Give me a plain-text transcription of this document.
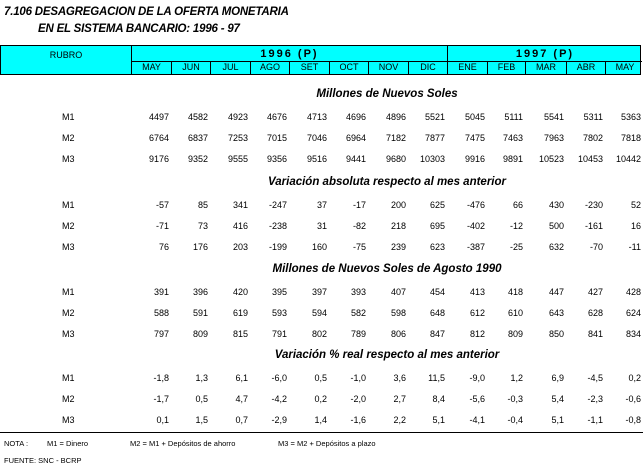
7.106 DESAGREGACION DE LA OFERTA MONETARIA
EN EL SISTEMA BANCARIO: 1996 - 97
RUBRO	1996 (P)	1997 (P)
MAY	JUN	JUL	AGO	SET	OCT	NOV	DIC	ENE	FEB	MAR	ABR	MAY
Millones de Nuevos Soles
M1	4497	4582	4923	4676	4713	4696	4896	5521	5045	5111	5541	5311	5363
M2	6764	6837	7253	7015	7046	6964	7182	7877	7475	7463	7963	7802	7818
M3	9176	9352	9555	9356	9516	9441	9680	10303	9916	9891	10523	10453	10442
Variación absoluta respecto al mes anterior
M1	-57	85	341	-247	37	-17	200	625	-476	66	430	-230	52
M2	-71	73	416	-238	31	-82	218	695	-402	-12	500	-161	16
M3	76	176	203	-199	160	-75	239	623	-387	-25	632	-70	-11
Millones de Nuevos Soles de Agosto 1990
M1	391	396	420	395	397	393	407	454	413	418	447	427	428
M2	588	591	619	593	594	582	598	648	612	610	643	628	624
M3	797	809	815	791	802	789	806	847	812	809	850	841	834
Variación % real respecto al mes anterior
M1	-1,8	1,3	6,1	-6,0	0,5	-1,0	3,6	11,5	-9,0	1,2	6,9	-4,5	0,2
M2	-1,7	0,5	4,7	-4,2	0,2	-2,0	2,7	8,4	-5,6	-0,3	5,4	-2,3	-0,6
M3	0,1	1,5	0,7	-2,9	1,4	-1,6	2,2	5,1	-4,1	-0,4	5,1	-1,1	-0,8
NOTA :	M1 = Dinero	M2 = M1 + Depósitos de ahorro	M3 = M2 + Depósitos a plazo
FUENTE: SNC - BCRP
